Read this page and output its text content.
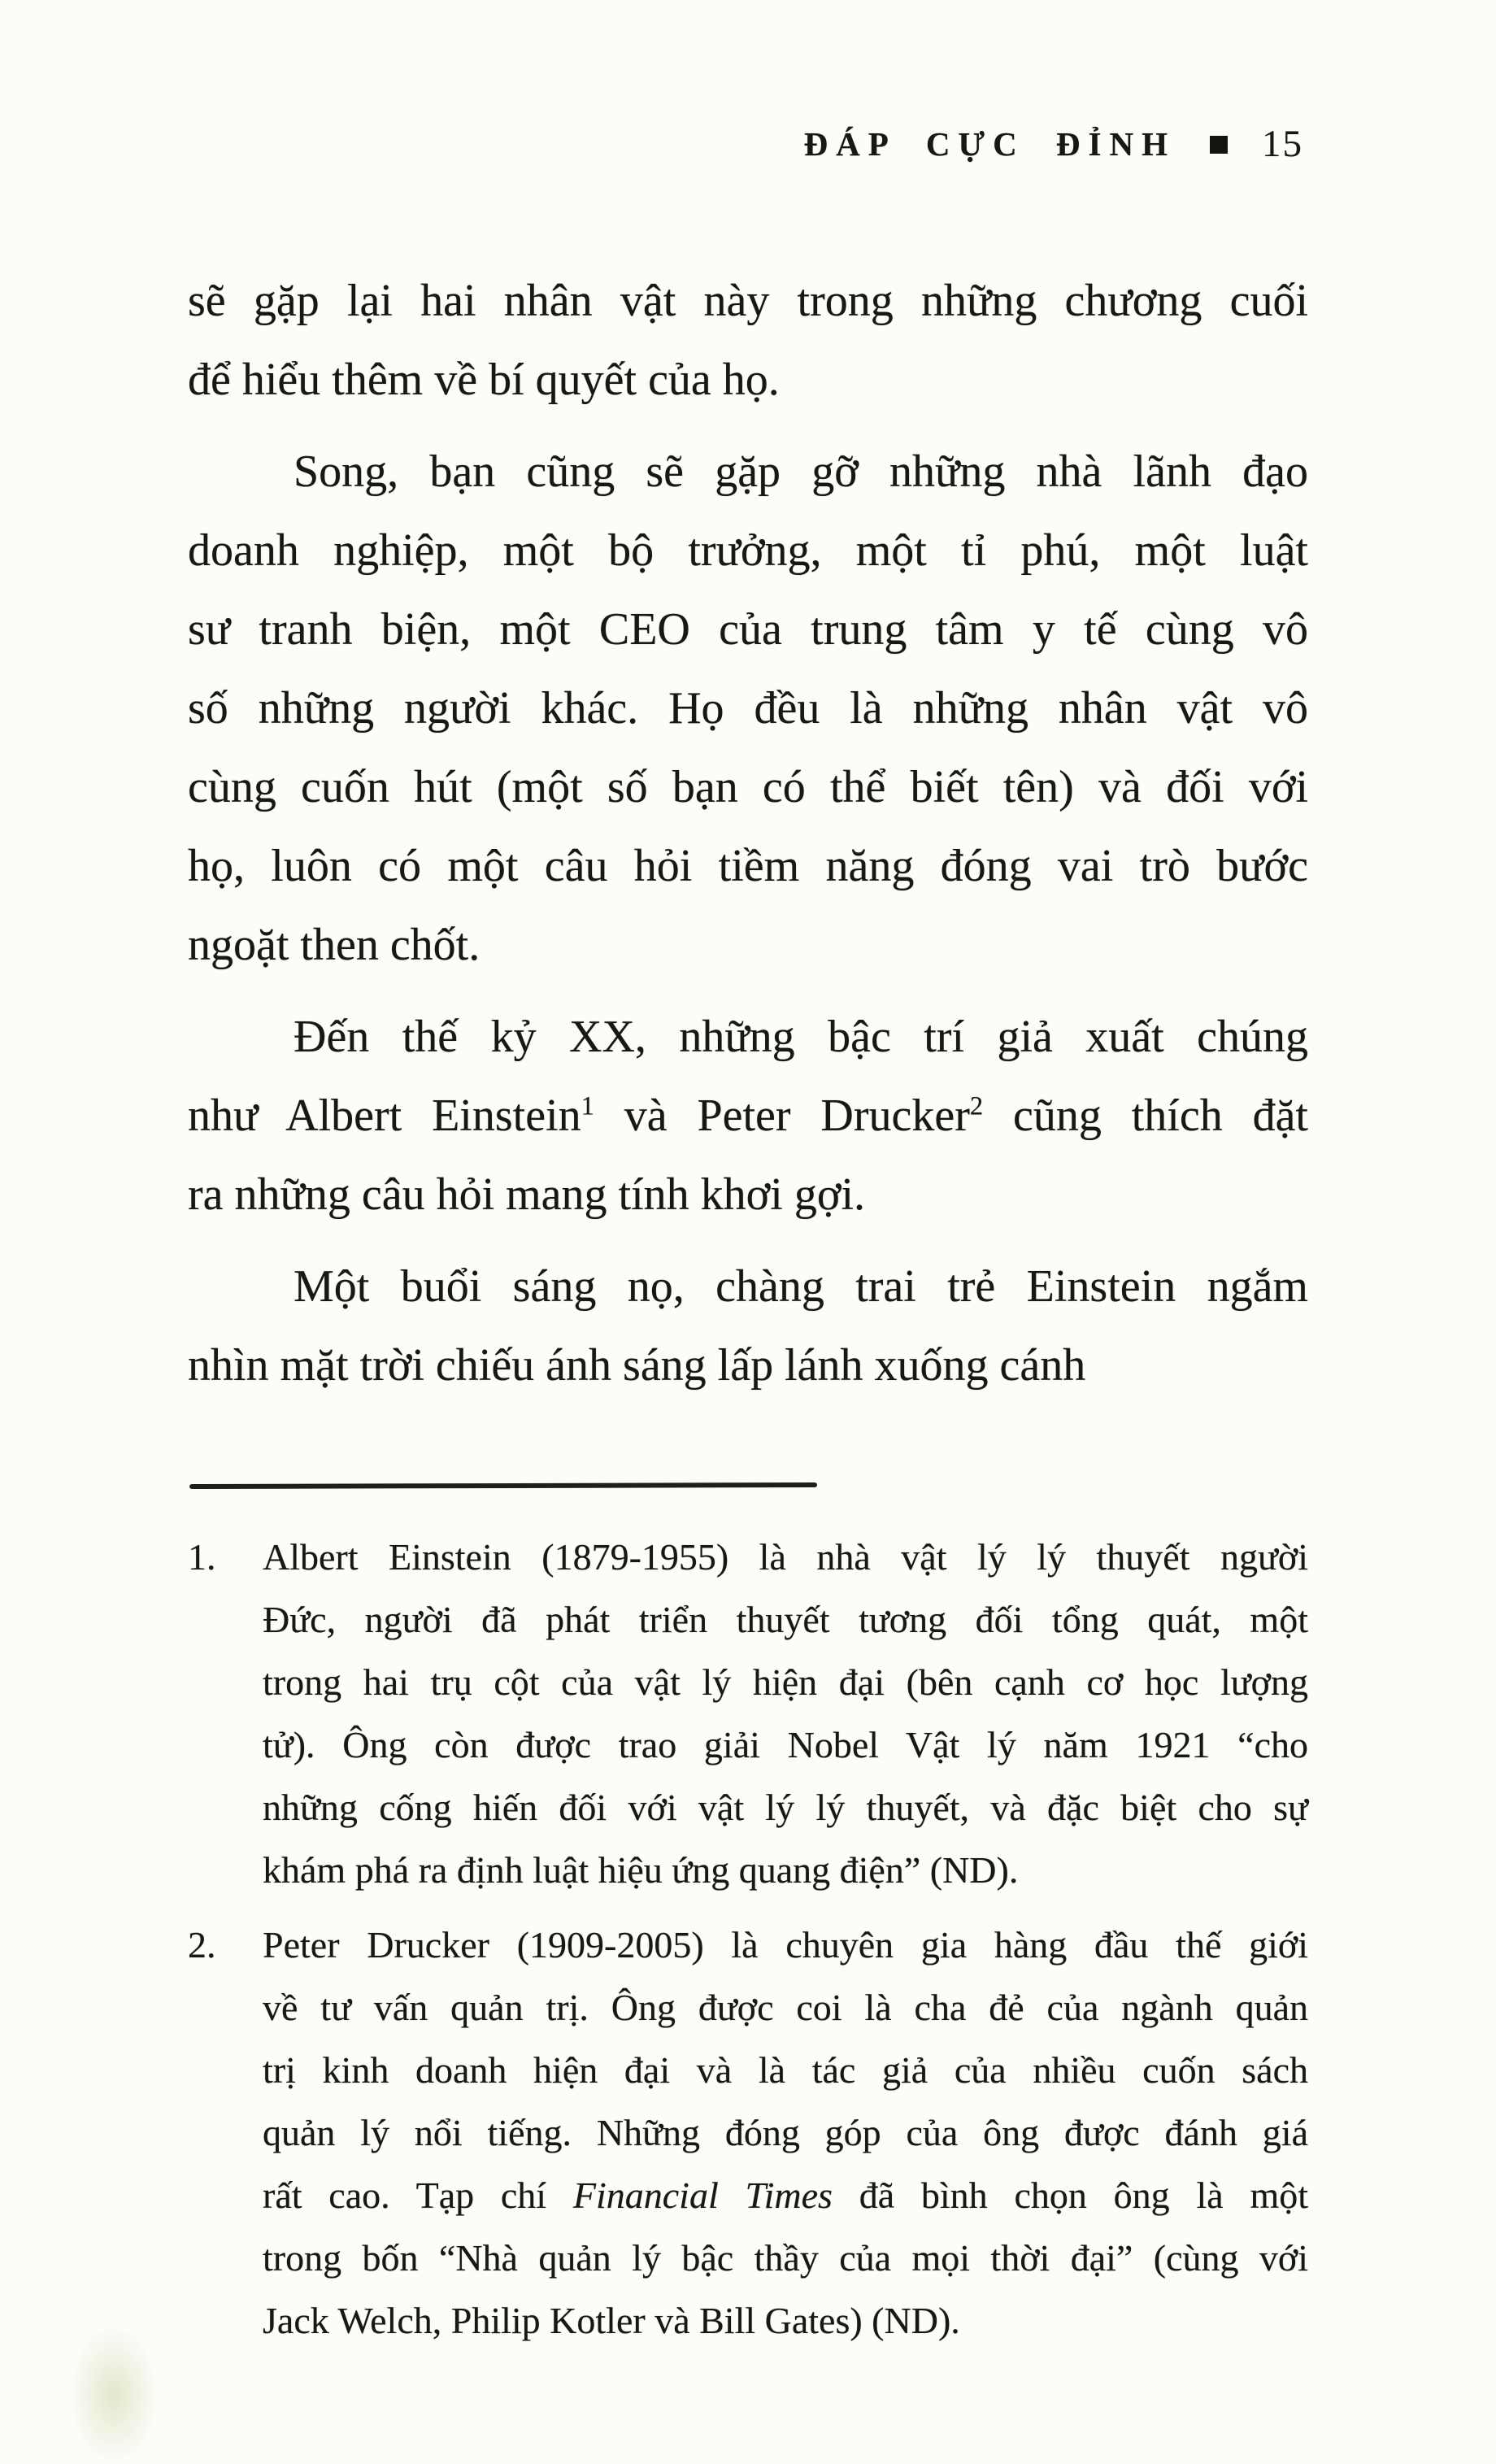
ĐÁP CỰC ĐỈNH 15
sẽ gặp lại hai nhân vật này trong những chương cuối
để hiểu thêm về bí quyết của họ.
Song, bạn cũng sẽ gặp gỡ những nhà lãnh đạo
doanh nghiệp, một bộ trưởng, một tỉ phú, một luật
sư tranh biện, một CEO của trung tâm y tế cùng vô
số những người khác. Họ đều là những nhân vật vô
cùng cuốn hút (một số bạn có thể biết tên) và đối với
họ, luôn có một câu hỏi tiềm năng đóng vai trò bước
ngoặt then chốt.
Đến thế kỷ XX, những bậc trí giả xuất chúng
như Albert Einstein$^1$ và Peter Drucker$^2$ cũng thích đặt
ra những câu hỏi mang tính khơi gợi.
Một buổi sáng nọ, chàng trai trẻ Einstein ngắm
nhìn mặt trời chiếu ánh sáng lấp lánh xuống cánh
1. Albert Einstein (1879-1955) là nhà vật lý lý thuyết người
Đức, người đã phát triển thuyết tương đối tổng quát, một
trong hai trụ cột của vật lý hiện đại (bên cạnh cơ học lượng
tử). Ông còn được trao giải Nobel Vật lý năm 1921 “cho
những cống hiến đối với vật lý lý thuyết, và đặc biệt cho sự
khám phá ra định luật hiệu ứng quang điện” (ND).
2. Peter Drucker (1909-2005) là chuyên gia hàng đầu thế giới
về tư vấn quản trị. Ông được coi là cha đẻ của ngành quản
trị kinh doanh hiện đại và là tác giả của nhiều cuốn sách
quản lý nổi tiếng. Những đóng góp của ông được đánh giá
rất cao. Tạp chí Financial Times đã bình chọn ông là một
trong bốn “Nhà quản lý bậc thầy của mọi thời đại” (cùng với
Jack Welch, Philip Kotler và Bill Gates) (ND).
